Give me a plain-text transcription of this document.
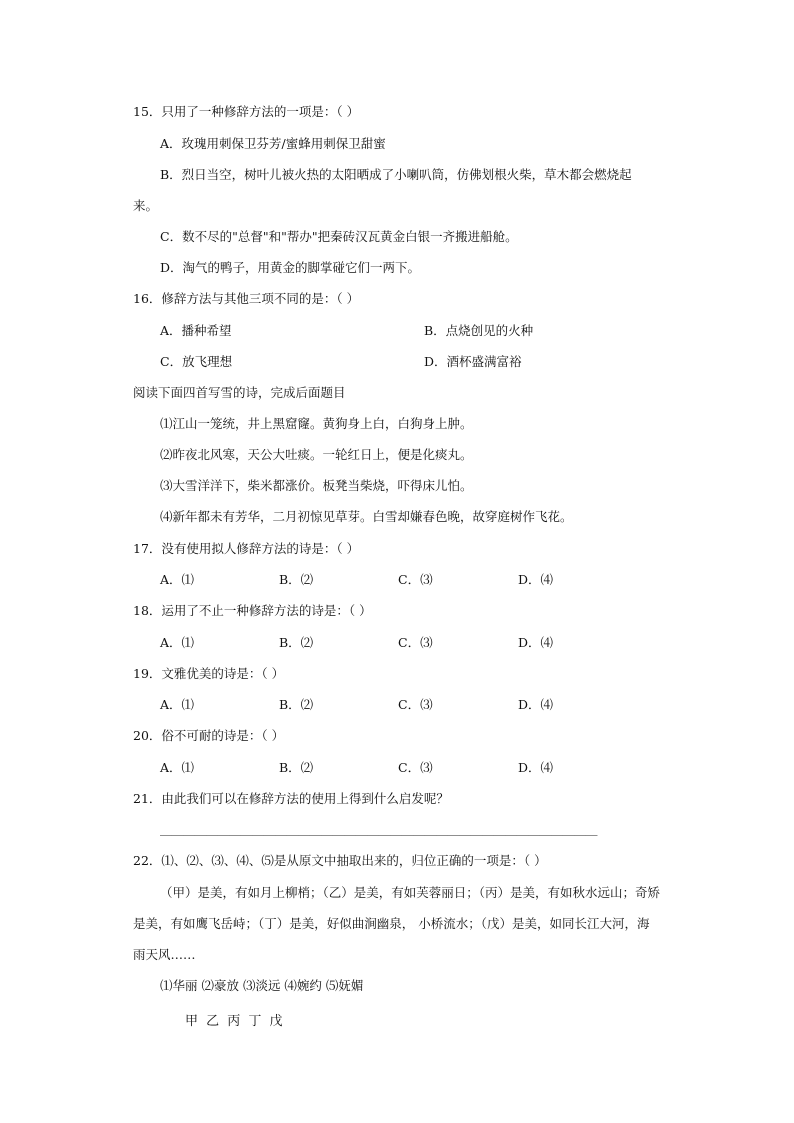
15．只用了一种修辞方法的一项是：（ ）
A．玫瑰用刺保卫芬芳/蜜蜂用刺保卫甜蜜
B．烈日当空，树叶儿被火热的太阳晒成了小喇叭筒，仿佛划根火柴，草木都会燃烧起
来。
C．数不尽的"总督"和"帮办"把秦砖汉瓦黄金白银一齐搬进船舱。
D．淘气的鸭子，用黄金的脚掌碰它们一两下。
16．修辞方法与其他三项不同的是：（ ）
A．播种希望	B．点烧创见的火种
C．放飞理想	D．酒杯盛满富裕
阅读下面四首写雪的诗，完成后面题目
⑴江山一笼统，井上黑窟窿。黄狗身上白，白狗身上肿。
⑵昨夜北风寒，天公大吐痰。一轮红日上，便是化痰丸。
⑶大雪洋洋下，柴米都涨价。板凳当柴烧，吓得床儿怕。
⑷新年都未有芳华，二月初惊见草芽。白雪却嫌春色晚，故穿庭树作飞花。
17．没有使用拟人修辞方法的诗是：（ ）
A．⑴	B．⑵	C．⑶	D．⑷
18．运用了不止一种修辞方法的诗是：（ ）
A．⑴	B．⑵	C．⑶	D．⑷
19．文雅优美的诗是：（ ）
A．⑴	B．⑵	C．⑶	D．⑷
20．俗不可耐的诗是：（ ）
A．⑴	B．⑵	C．⑶	D．⑷
21．由此我们可以在修辞方法的使用上得到什么启发呢？
＿＿＿＿＿＿＿＿＿＿＿＿＿＿＿＿＿＿＿＿＿＿＿＿＿＿＿＿＿＿＿＿＿＿＿＿＿＿
22．⑴、⑵、⑶、⑷、⑸是从原文中抽取出来的，归位正确的一项是：（ ）
（甲）是美，有如月上柳梢；（乙）是美，有如芙蓉丽日；（丙）是美，有如秋水远山；奇矫
是美，有如鹰飞岳峙；（丁）是美，好似曲涧幽泉， 小桥流水；（戊）是美，如同长江大河，海
雨天风……
⑴华丽 ⑵豪放 ⑶淡远 ⑷婉约 ⑸妩媚
甲 乙 丙 丁 戊
